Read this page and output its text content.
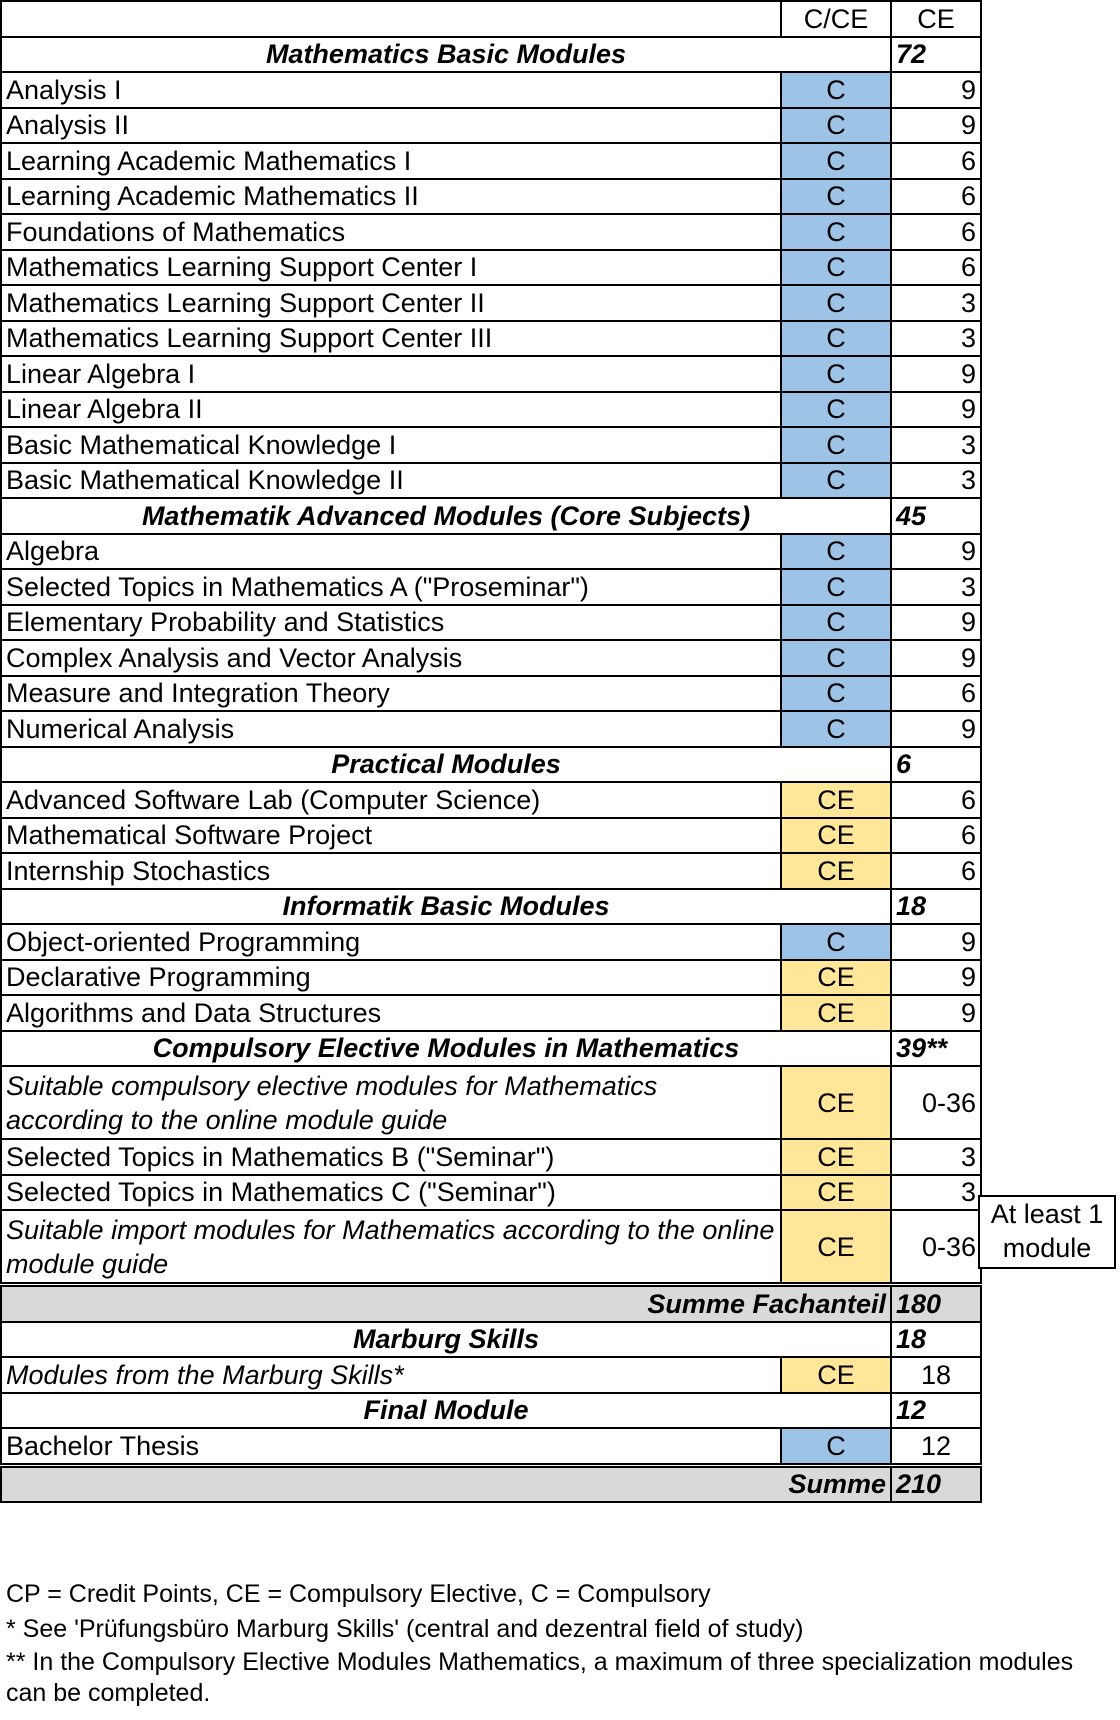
	C/CE	CE
Mathematics Basic Modules		72
Analysis I	C	9
Analysis II	C	9
Learning Academic Mathematics I	C	6
Learning Academic Mathematics II	C	6
Foundations of Mathematics	C	6
Mathematics Learning Support Center I	C	6
Mathematics Learning Support Center II	C	3
Mathematics Learning Support Center III	C	3
Linear Algebra I	C	9
Linear Algebra II	C	9
Basic Mathematical Knowledge I	C	3
Basic Mathematical Knowledge II	C	3
Mathematik Advanced Modules (Core Subjects)		45
Algebra	C	9
Selected Topics in Mathematics A ("Proseminar")	C	3
Elementary Probability and Statistics	C	9
Complex Analysis and Vector Analysis	C	9
Measure and Integration Theory	C	6
Numerical Analysis	C	9
Practical Modules		6
Advanced Software Lab (Computer Science)	CE	6
Mathematical Software Project	CE	6
Internship Stochastics	CE	6
Informatik Basic Modules		18
Object-oriented Programming	C	9
Declarative Programming	CE	9
Algorithms and Data Structures	CE	9
Compulsory Elective Modules in Mathematics		39**
Suitable compulsory elective modules for Mathematics according to the online module guide	CE	0-36
Selected Topics in Mathematics B ("Seminar")	CE	3
Selected Topics in Mathematics C ("Seminar")	CE	3
Suitable import modules for Mathematics according to the online module guide	CE	0-36
Summe Fachanteil		180
Marburg Skills		18
Modules from the Marburg Skills*	CE	18
Final Module		12
Bachelor Thesis	C	12
Summe		210
At least 1 module
CP = Credit Points, CE = Compulsory Elective, C = Compulsory
* See 'Prüfungsbüro Marburg Skills' (central and dezentral field of study)
** In the Compulsory Elective Modules Mathematics, a maximum of three specialization modules can be completed.
